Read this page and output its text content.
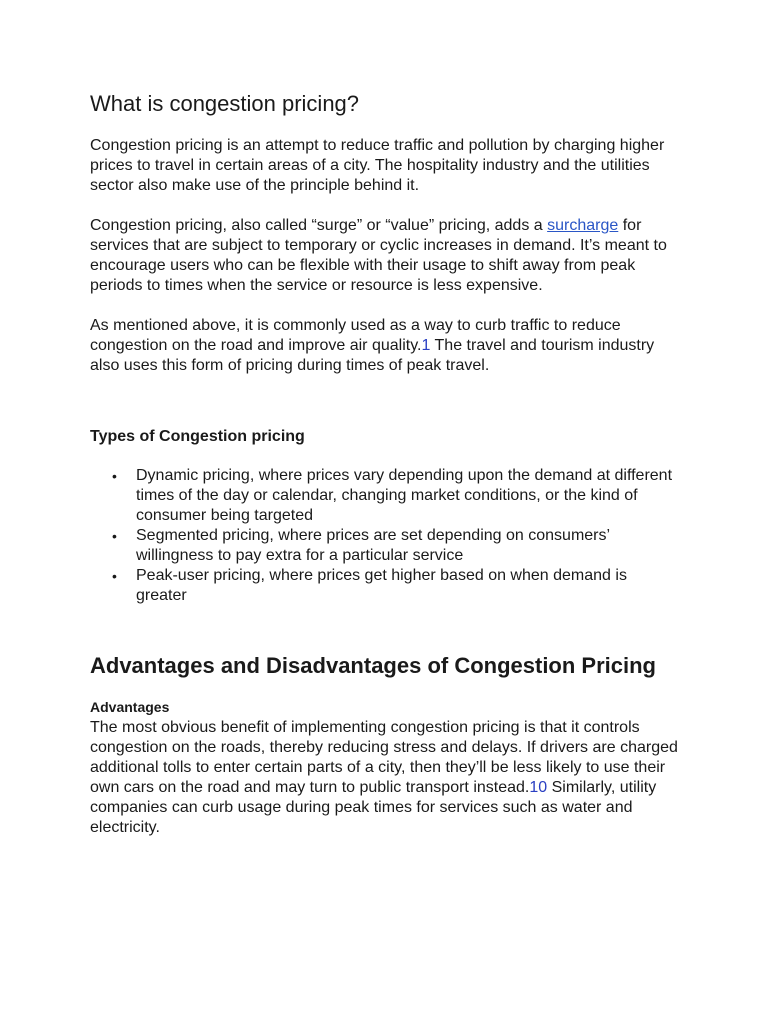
What is congestion pricing?

Congestion pricing is an attempt to reduce traffic and pollution by charging higher prices to travel in certain areas of a city. The hospitality industry and the utilities sector also make use of the principle behind it.

Congestion pricing, also called “surge” or “value” pricing, adds a surcharge for services that are subject to temporary or cyclic increases in demand. It’s meant to encourage users who can be flexible with their usage to shift away from peak periods to times when the service or resource is less expensive.

As mentioned above, it is commonly used as a way to curb traffic to reduce congestion on the road and improve air quality.1 The travel and tourism industry also uses this form of pricing during times of peak travel.

Types of Congestion pricing
• Dynamic pricing, where prices vary depending upon the demand at different times of the day or calendar, changing market conditions, or the kind of consumer being targeted
• Segmented pricing, where prices are set depending on consumers’ willingness to pay extra for a particular service
• Peak-user pricing, where prices get higher based on when demand is greater
Advantages and Disadvantages of Congestion Pricing
Advantages

The most obvious benefit of implementing congestion pricing is that it controls congestion on the roads, thereby reducing stress and delays. If drivers are charged additional tolls to enter certain parts of a city, then they’ll be less likely to use their own cars on the road and may turn to public transport instead.10 Similarly, utility companies can curb usage during peak times for services such as water and electricity.
